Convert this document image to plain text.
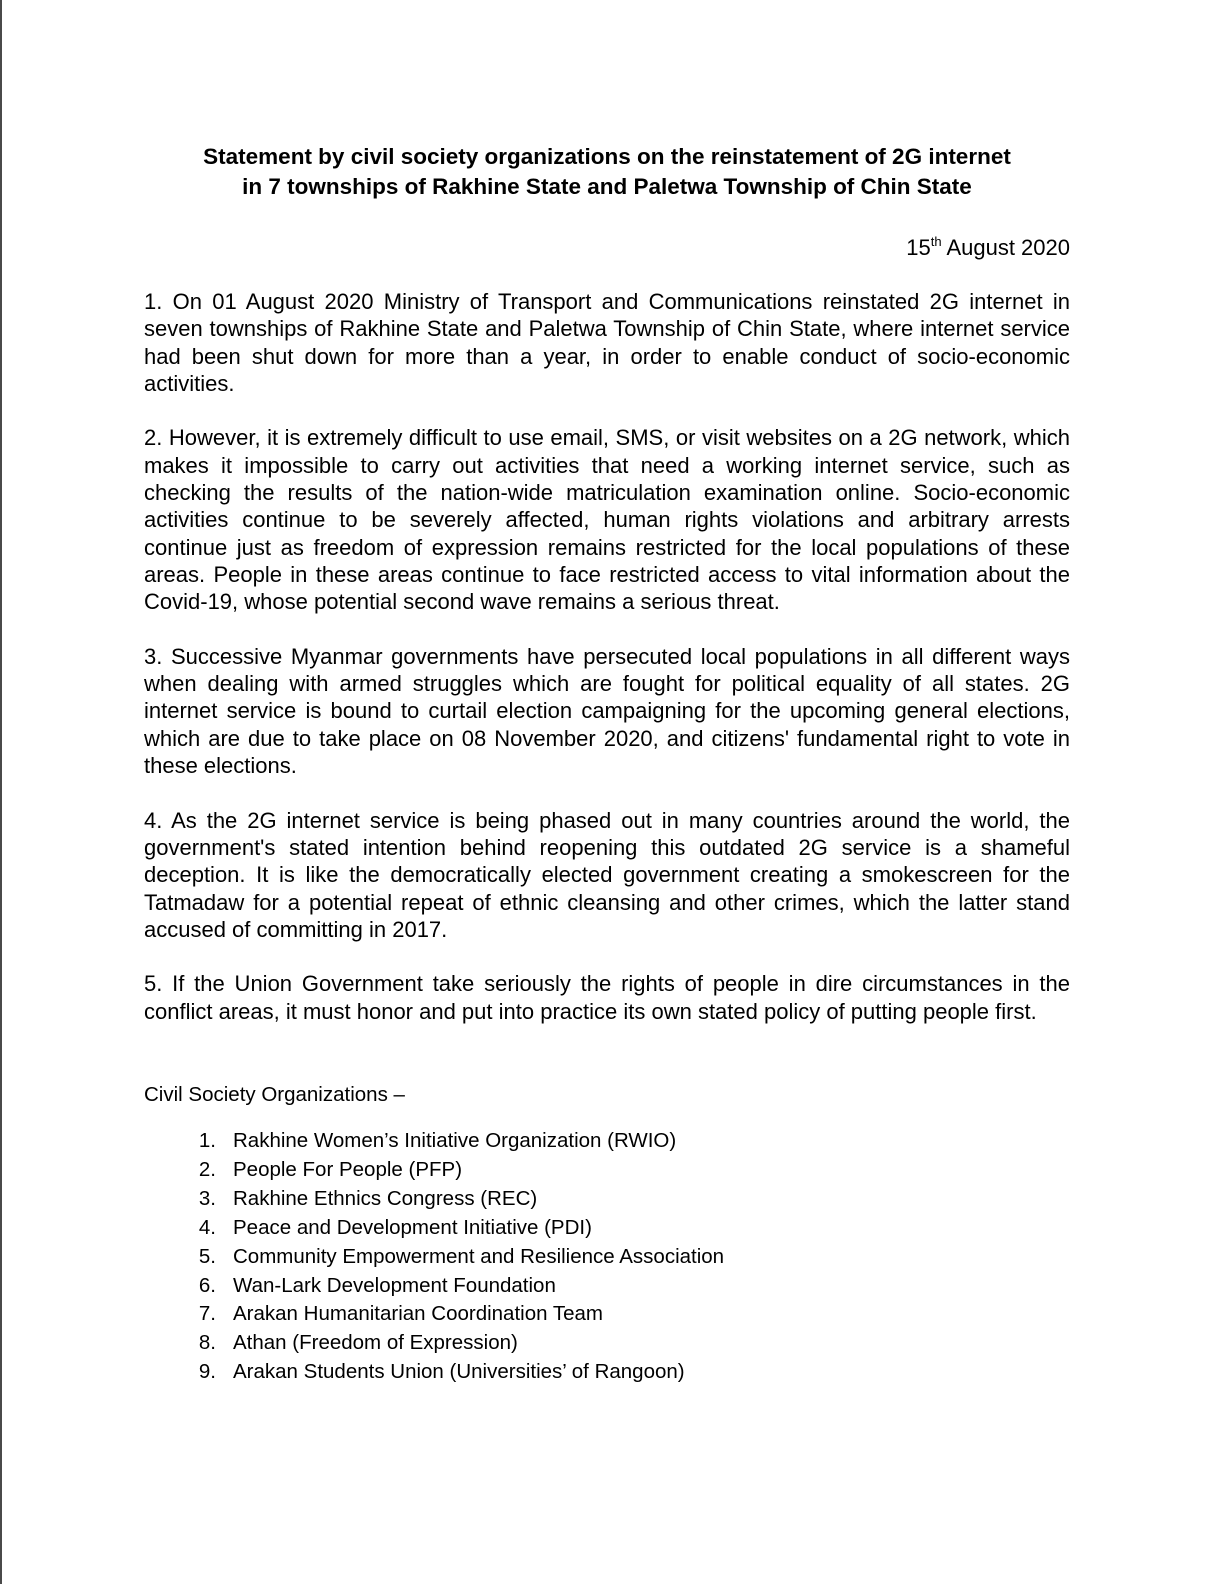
Statement by civil society organizations on the reinstatement of 2G internet
in 7 townships of Rakhine State and Paletwa Township of Chin State
15th August 2020

1. On 01 August 2020 Ministry of Transport and Communications reinstated 2G internet in seven townships of Rakhine State and Paletwa Township of Chin State, where internet service had been shut down for more than a year, in order to enable conduct of socio-economic activities.

2. However, it is extremely difficult to use email, SMS, or visit websites on a 2G network, which makes it impossible to carry out activities that need a working internet service, such as checking the results of the nation-wide matriculation examination online. Socio-economic activities continue to be severely affected, human rights violations and arbitrary arrests continue just as freedom of expression remains restricted for the local populations of these areas. People in these areas continue to face restricted access to vital information about the Covid-19, whose potential second wave remains a serious threat.

3. Successive Myanmar governments have persecuted local populations in all different ways when dealing with armed struggles which are fought for political equality of all states. 2G internet service is bound to curtail election campaigning for the upcoming general elections, which are due to take place on 08 November 2020, and citizens' fundamental right to vote in these elections.

4. As the 2G internet service is being phased out in many countries around the world, the government's stated intention behind reopening this outdated 2G service is a shameful deception. It is like the democratically elected government creating a smokescreen for the Tatmadaw for a potential repeat of ethnic cleansing and other crimes, which the latter stand accused of committing in 2017.

5. If the Union Government take seriously the rights of people in dire circumstances in the conflict areas, it must honor and put into practice its own stated policy of putting people first.

Civil Society Organizations –
1. Rakhine Women’s Initiative Organization (RWIO)
2. People For People (PFP)
3. Rakhine Ethnics Congress (REC)
4. Peace and Development Initiative (PDI)
5. Community Empowerment and Resilience Association
6. Wan-Lark Development Foundation
7. Arakan Humanitarian Coordination Team
8. Athan (Freedom of Expression)
9. Arakan Students Union (Universities’ of Rangoon)
